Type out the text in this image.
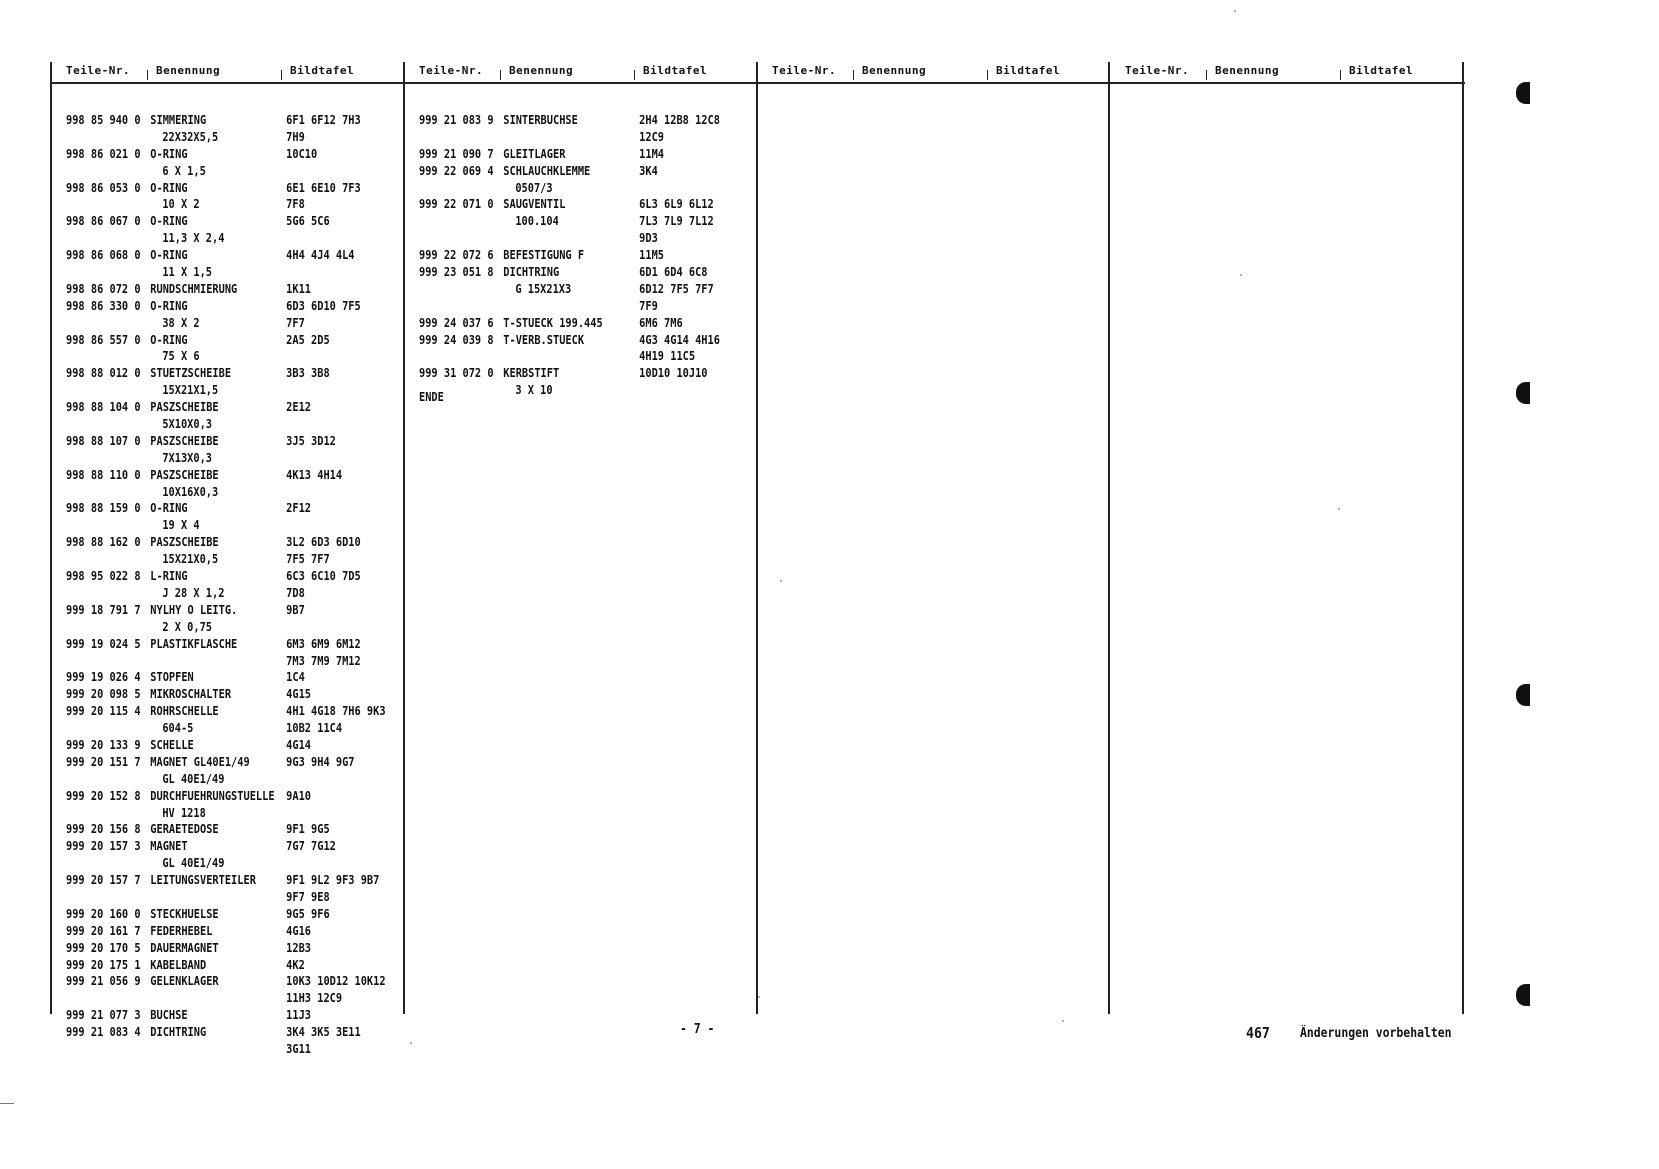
Teile-Nr. Benennung	Bildtafel	Teile-Nr. Benennung	Bildtafel	Teile-Nr. Benennung	Bildtafel	Teile-Nr. Benennung	Bildtafel
998 85 940 0 SIMMERING	6F1 6F12 7H3
22X32X5,5	7H9
998 86 021 0 O-RING	10C10
6 X 1,5
998 86 053 0 O-RING	6E1 6E10 7F3
10 X 2	7F8
998 86 067 0 O-RING	5G6 5C6
11,3 X 2,4
998 86 068 0 O-RING	4H4 4J4 4L4
11 X 1,5
998 86 072 0 RUNDSCHMIERUNG	1K11
998 86 330 0 O-RING	6D3 6D10 7F5
38 X 2	7F7
998 86 557 0 O-RING	2A5 2D5
75 X 6
998 88 012 0 STUETZSCHEIBE	3B3 3B8
15X21X1,5
998 88 104 0 PASZSCHEIBE	2E12
5X10X0,3
998 88 107 0 PASZSCHEIBE	3J5 3D12
7X13X0,3
998 88 110 0 PASZSCHEIBE	4K13 4H14
10X16X0,3
998 88 159 0 O-RING	2F12
19 X 4
998 88 162 0 PASZSCHEIBE	3L2 6D3 6D10
15X21X0,5	7F5 7F7
998 95 022 8 L-RING	6C3 6C10 7D5
J 28 X 1,2	7D8
999 18 791 7 NYLHY O LEITG.	9B7
2 X 0,75
999 19 024 5 PLASTIKFLASCHE	6M3 6M9 6M12
7M3 7M9 7M12
999 19 026 4 STOPFEN	1C4
999 20 098 5 MIKROSCHALTER	4G15
999 20 115 4 ROHRSCHELLE	4H1 4G18 7H6 9K3
604-5	10B2 11C4
999 20 133 9 SCHELLE	4G14
999 20 151 7 MAGNET GL40E1/49	9G3 9H4 9G7
GL 40E1/49
999 20 152 8 DURCHFUEHRUNGSTUELLE 9A10
HV 1218
999 20 156 8 GERAETEDOSE	9F1 9G5
999 20 157 3 MAGNET	7G7 7G12
GL 40E1/49
999 20 157 7 LEITUNGSVERTEILER	9F1 9L2 9F3 9B7
9F7 9E8
999 20 160 0 STECKHUELSE	9G5 9F6
999 20 161 7 FEDERHEBEL	4G16
999 20 170 5 DAUERMAGNET	12B3
999 20 175 1 KABELBAND	4K2
999 21 056 9 GELENKLAGER	10K3 10D12 10K12
11H3 12C9
999 21 077 3 BUCHSE	11J3
999 21 083 4 DICHTRING	3K4 3K5 3E11
3G11
999 21 083 9 SINTERBUCHSE	2H4 12B8 12C8
12C9
999 21 090 7 GLEITLAGER	11M4
999 22 069 4 SCHLAUCHKLEMME	3K4
0507/3
999 22 071 0 SAUGVENTIL	6L3 6L9 6L12
100.104	7L3 7L9 7L12
9D3
999 22 072 6 BEFESTIGUNG F	11M5
999 23 051 8 DICHTRING	6D1 6D4 6C8
G 15X21X3	6D12 7F5 7F7
7F9
999 24 037 6 T-STUECK 199.445	6M6 7M6
999 24 039 8 T-VERB.STUECK	4G3 4G14 4H16
4H19 11C5
999 31 072 0 KERBSTIFT	10D10 10J10
3 X 10
ENDE
- 7 -	467 Änderungen vorbehalten
